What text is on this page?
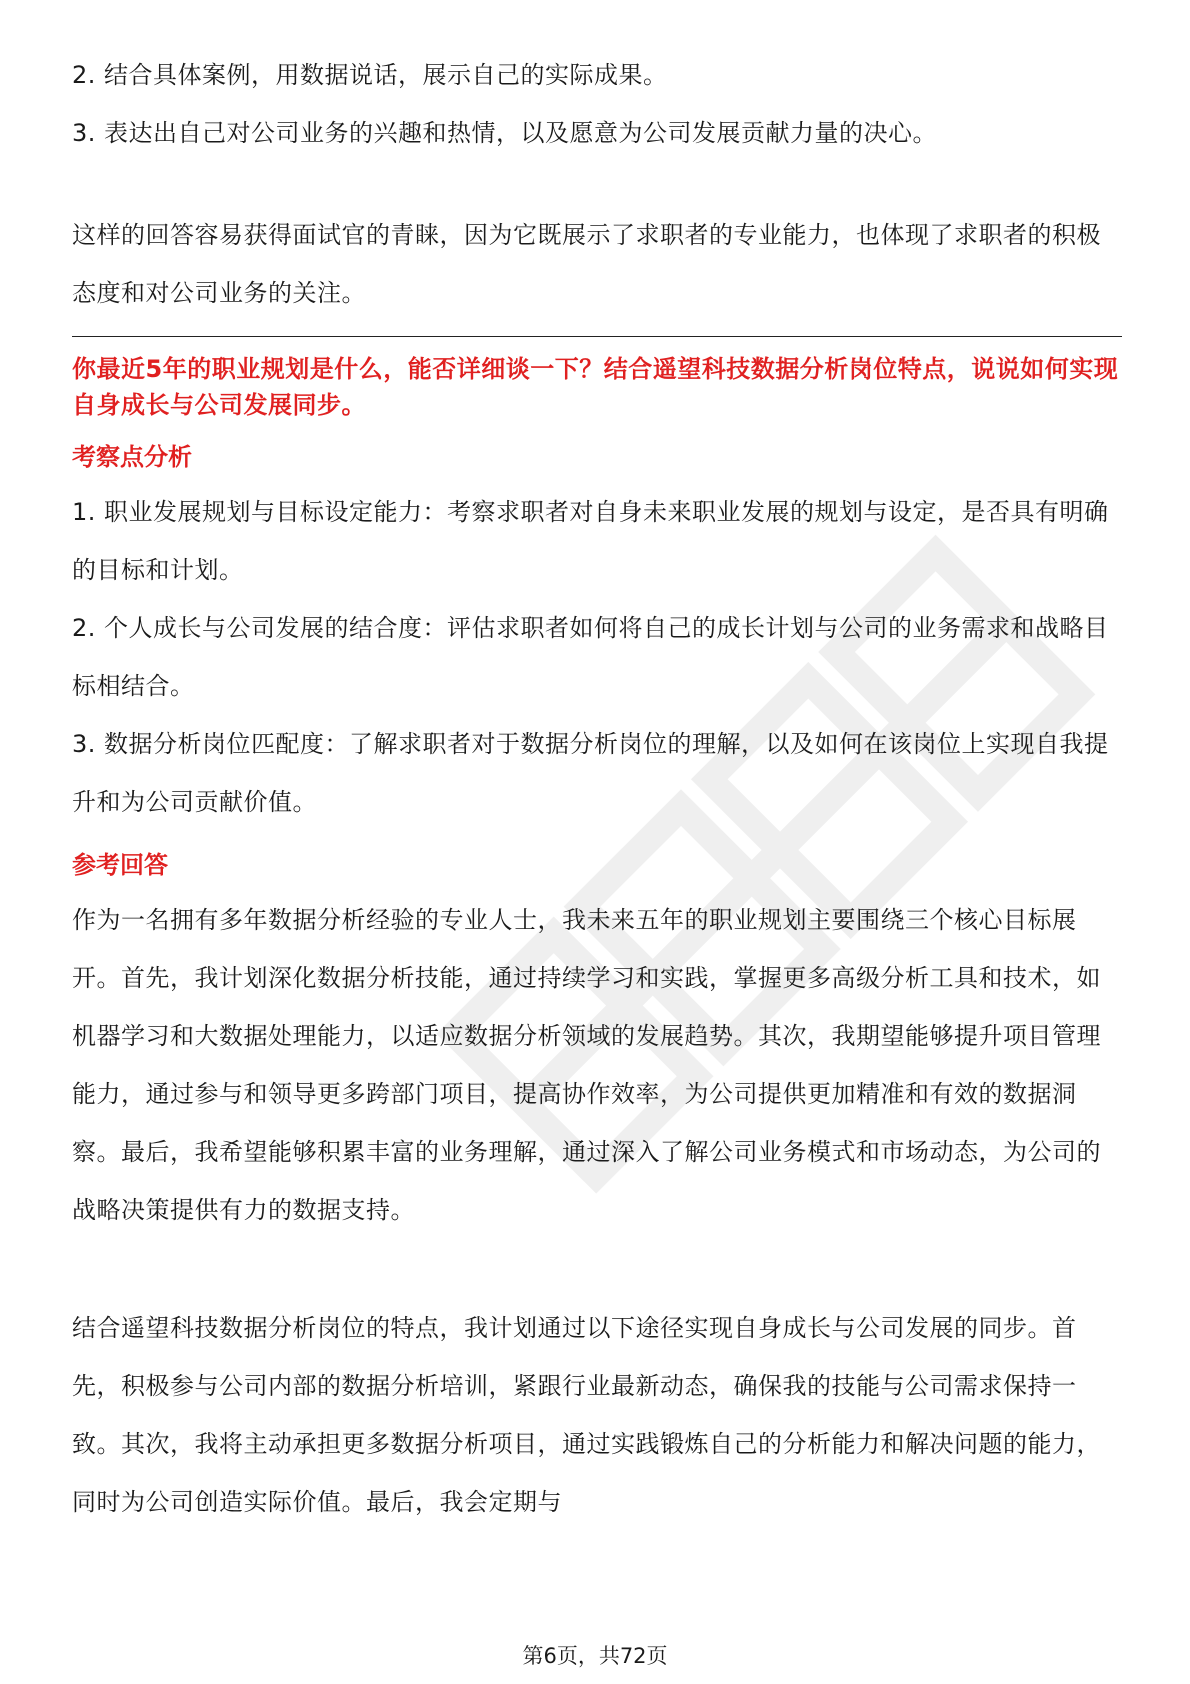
2. 结合具体案例，用数据说话，展示自己的实际成果。

3. 表达出自己对公司业务的兴趣和热情，以及愿意为公司发展贡献力量的决心。

这样的回答容易获得面试官的青睐，因为它既展示了求职者的专业能力，也体现了求职者的积极态度和对公司业务的关注。

你最近5年的职业规划是什么，能否详细谈一下？结合遥望科技数据分析岗位特点，说说如何实现自身成长与公司发展同步。

考察点分析

1. 职业发展规划与目标设定能力：考察求职者对自身未来职业发展的规划与设定，是否具有明确的目标和计划。

2. 个人成长与公司发展的结合度：评估求职者如何将自己的成长计划与公司的业务需求和战略目标相结合。

3. 数据分析岗位匹配度：了解求职者对于数据分析岗位的理解，以及如何在该岗位上实现自我提升和为公司贡献价值。

参考回答

作为一名拥有多年数据分析经验的专业人士，我未来五年的职业规划主要围绕三个核心目标展开。首先，我计划深化数据分析技能，通过持续学习和实践，掌握更多高级分析工具和技术，如机器学习和大数据处理能力，以适应数据分析领域的发展趋势。其次，我期望能够提升项目管理能力，通过参与和领导更多跨部门项目，提高协作效率，为公司提供更加精准和有效的数据洞察。最后，我希望能够积累丰富的业务理解，通过深入了解公司业务模式和市场动态，为公司的战略决策提供有力的数据支持。

结合遥望科技数据分析岗位的特点，我计划通过以下途径实现自身成长与公司发展的同步。首先，积极参与公司内部的数据分析培训，紧跟行业最新动态，确保我的技能与公司需求保持一致。其次，我将主动承担更多数据分析项目，通过实践锻炼自己的分析能力和解决问题的能力，同时为公司创造实际价值。最后，我会定期与

第6页，共72页
